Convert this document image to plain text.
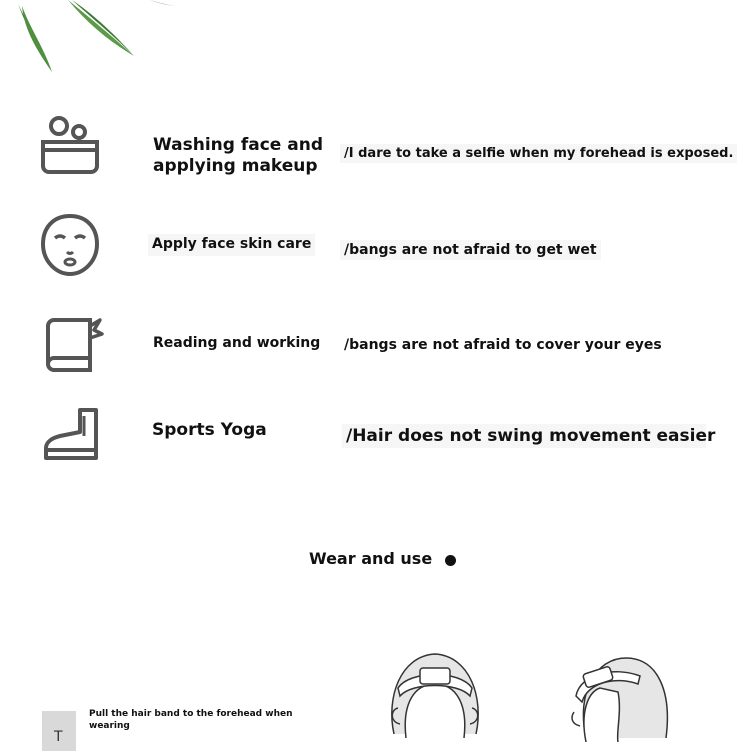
Washing face and applying makeup
/I dare to take a selfie when my forehead is exposed.
Apply face skin care /bangs are not afraid to get wet
Reading and working /bangs are not afraid to cover your eyes
Sports Yoga	/Hair does not swing movement easier
Wear and use
T
Pull the hair band to the forehead when wearing
